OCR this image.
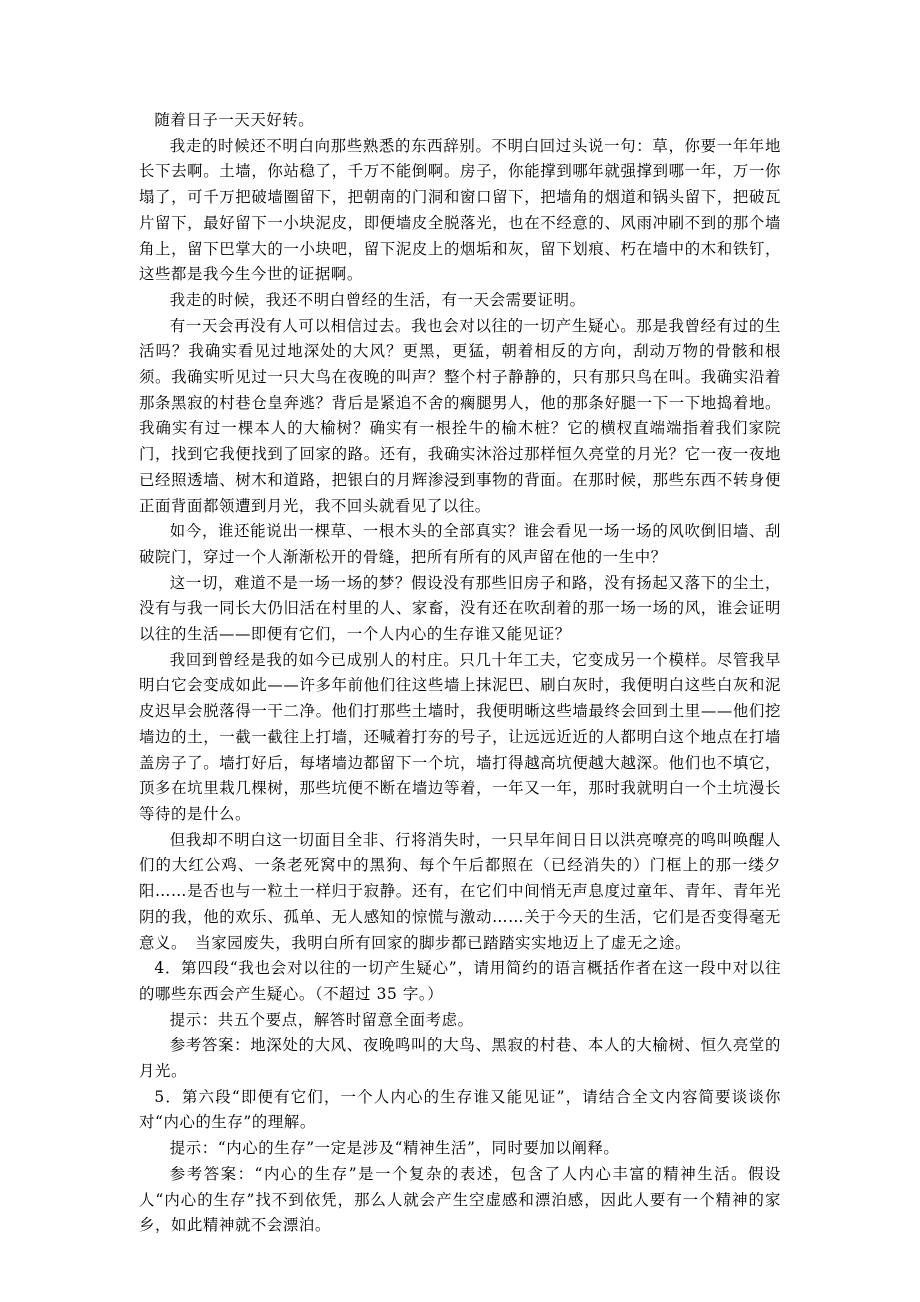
随着日子一天天好转。

我走的时候还不明白向那些熟悉的东西辞别。不明白回过头说一句：草，你要一年年地长下去啊。土墙，你站稳了，千万不能倒啊。房子，你能撑到哪年就强撑到哪一年，万一你塌了，可千万把破墙圈留下，把朝南的门洞和窗口留下，把墙角的烟道和锅头留下，把破瓦片留下，最好留下一小块泥皮，即便墙皮全脱落光，也在不经意的、风雨冲刷不到的那个墙角上，留下巴掌大的一小块吧，留下泥皮上的烟垢和灰，留下划痕、朽在墙中的木和铁钉，这些都是我今生今世的证据啊。

我走的时候，我还不明白曾经的生活，有一天会需要证明。

有一天会再没有人可以相信过去。我也会对以往的一切产生疑心。那是我曾经有过的生活吗？我确实看见过地深处的大风？更黑，更猛，朝着相反的方向，刮动万物的骨骸和根须。我确实听见过一只大鸟在夜晚的叫声？整个村子静静的，只有那只鸟在叫。我确实沿着那条黑寂的村巷仓皇奔逃？背后是紧追不舍的瘸腿男人，他的那条好腿一下一下地捣着地。我确实有过一棵本人的大榆树？确实有一根拴牛的榆木桩？它的横杈直端端指着我们家院门，找到它我便找到了回家的路。还有，我确实沐浴过那样恒久亮堂的月光？它一夜一夜地已经照透墙、树木和道路，把银白的月辉渗浸到事物的背面。在那时候，那些东西不转身便正面背面都领遭到月光，我不回头就看见了以往。

如今，谁还能说出一棵草、一根木头的全部真实？谁会看见一场一场的风吹倒旧墙、刮破院门，穿过一个人渐渐松开的骨缝，把所有所有的风声留在他的一生中？

这一切，难道不是一场一场的梦？假设没有那些旧房子和路，没有扬起又落下的尘土，没有与我一同长大仍旧活在村里的人、家畜，没有还在吹刮着的那一场一场的风，谁会证明以往的生活——即便有它们，一个人内心的生存谁又能见证？

我回到曾经是我的如今已成别人的村庄。只几十年工夫，它变成另一个模样。尽管我早明白它会变成如此——许多年前他们往这些墙上抹泥巴、刷白灰时，我便明白这些白灰和泥皮迟早会脱落得一干二净。他们打那些土墙时，我便明晰这些墙最终会回到土里——他们挖墙边的土，一截一截往上打墙，还喊着打夯的号子，让远远近近的人都明白这个地点在打墙盖房子了。墙打好后，每堵墙边都留下一个坑，墙打得越高坑便越大越深。他们也不填它，顶多在坑里栽几棵树，那些坑便不断在墙边等着，一年又一年，那时我就明白一个土坑漫长等待的是什么。

但我却不明白这一切面目全非、行将消失时，一只早年间日日以洪亮嘹亮的鸣叫唤醒人们的大红公鸡、一条老死窝中的黑狗、每个午后都照在（已经消失的）门框上的那一缕夕阳……是否也与一粒土一样归于寂静。还有，在它们中间悄无声息度过童年、青年、青年光阴的我，他的欢乐、孤单、无人感知的惊慌与激动……关于今天的生活，它们是否变得毫无意义。　当家园废失，我明白所有回家的脚步都已踏踏实实地迈上了虚无之途。

4．第四段“我也会对以往的一切产生疑心”，请用简约的语言概括作者在这一段中对以往的哪些东西会产生疑心。（不超过 35 字。）

提示：共五个要点，解答时留意全面考虑。

参考答案：地深处的大风、夜晚鸣叫的大鸟、黑寂的村巷、本人的大榆树、恒久亮堂的月光。

5．第六段“即便有它们，一个人内心的生存谁又能见证”，请结合全文内容简要谈谈你对“内心的生存”的理解。

提示：“内心的生存”一定是涉及“精神生活”，同时要加以阐释。

参考答案：“内心的生存”是一个复杂的表述，包含了人内心丰富的精神生活。假设人“内心的生存”找不到依凭，那么人就会产生空虚感和漂泊感，因此人要有一个精神的家乡，如此精神就不会漂泊。
